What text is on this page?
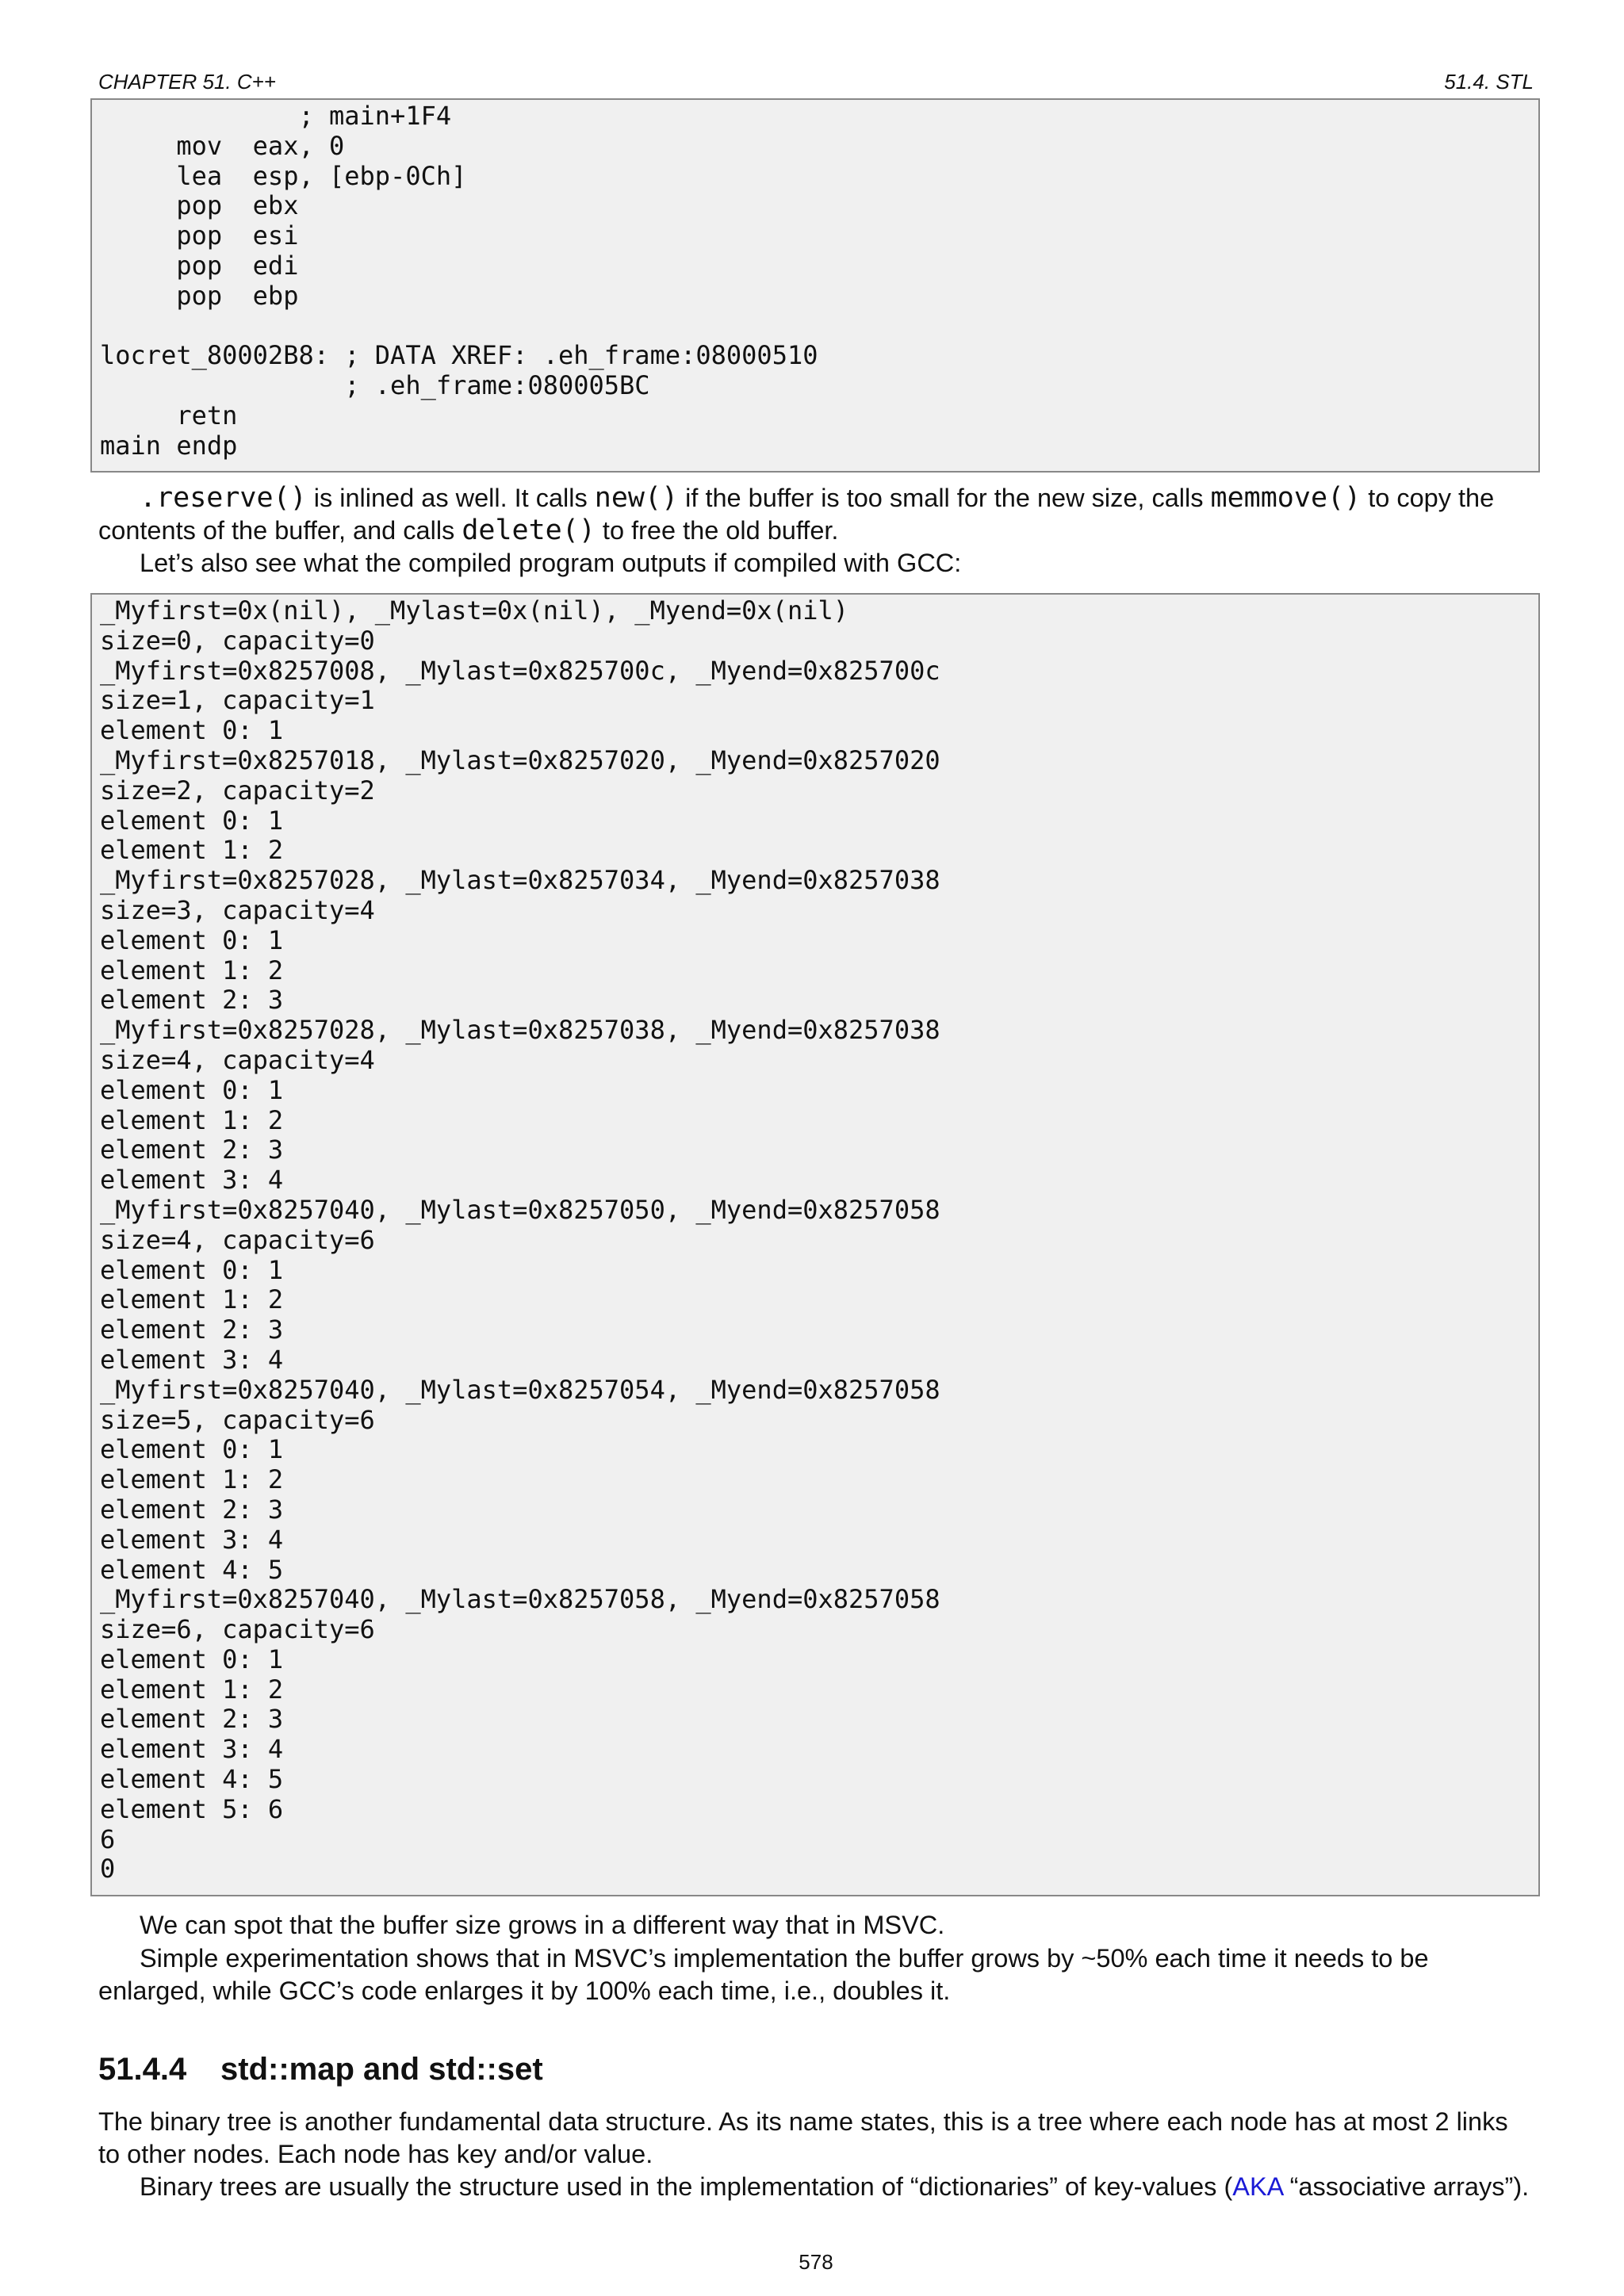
CHAPTER 51. C++	51.4. STL
; main+1F4
mov  eax, 0
lea  esp, [ebp-0Ch]
pop  ebx
pop  esi
pop  edi
pop  ebp
locret_80002B8: ; DATA XREF: .eh_frame:08000510
; .eh_frame:080005BC
retn
main endp
.reserve() is inlined as well. It calls new() if the buffer is too small for the new size, calls memmove() to copy the contents of the buffer, and calls delete() to free the old buffer.
Let’s also see what the compiled program outputs if compiled with GCC:
_Myfirst=0x(nil), _Mylast=0x(nil), _Myend=0x(nil)
size=0, capacity=0
_Myfirst=0x8257008, _Mylast=0x825700c, _Myend=0x825700c
size=1, capacity=1
element 0: 1
_Myfirst=0x8257018, _Mylast=0x8257020, _Myend=0x8257020
size=2, capacity=2
element 0: 1
element 1: 2
_Myfirst=0x8257028, _Mylast=0x8257034, _Myend=0x8257038
size=3, capacity=4
element 0: 1
element 1: 2
element 2: 3
_Myfirst=0x8257028, _Mylast=0x8257038, _Myend=0x8257038
size=4, capacity=4
element 0: 1
element 1: 2
element 2: 3
element 3: 4
_Myfirst=0x8257040, _Mylast=0x8257050, _Myend=0x8257058
size=4, capacity=6
element 0: 1
element 1: 2
element 2: 3
element 3: 4
_Myfirst=0x8257040, _Mylast=0x8257054, _Myend=0x8257058
size=5, capacity=6
element 0: 1
element 1: 2
element 2: 3
element 3: 4
element 4: 5
_Myfirst=0x8257040, _Mylast=0x8257058, _Myend=0x8257058
size=6, capacity=6
element 0: 1
element 1: 2
element 2: 3
element 3: 4
element 4: 5
element 5: 6
6
0
We can spot that the buffer size grows in a different way that in MSVC.
Simple experimentation shows that in MSVC’s implementation the buffer grows by ~50% each time it needs to be enlarged, while GCC’s code enlarges it by 100% each time, i.e., doubles it.
51.4.4 std::map and std::set
The binary tree is another fundamental data structure. As its name states, this is a tree where each node has at most 2 links to other nodes. Each node has key and/or value.
Binary trees are usually the structure used in the implementation of “dictionaries” of key-values (AKA “associative arrays”).
578
